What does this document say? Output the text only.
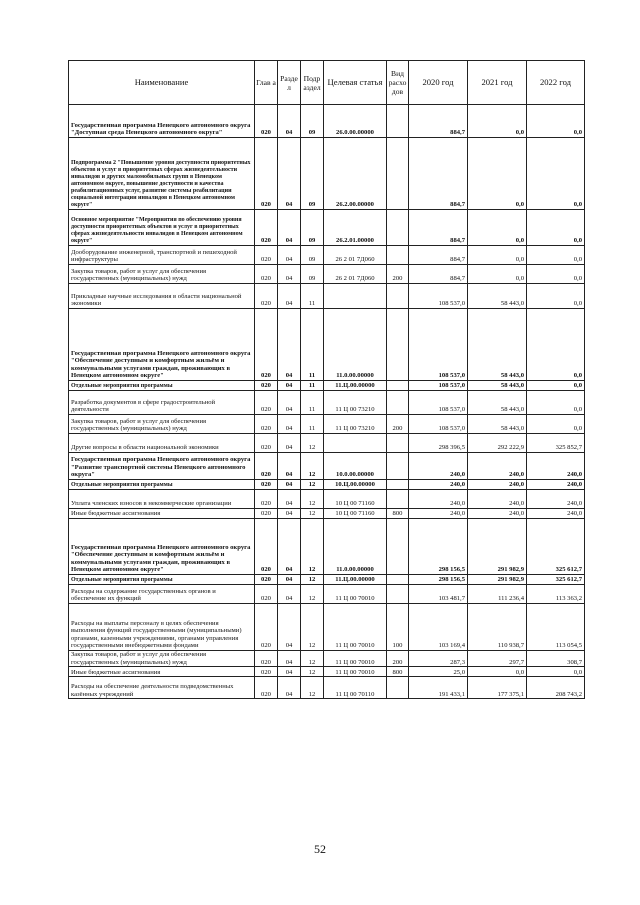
Наименование	Глав а	Разде л	Подр аздел	Целевая статья	Вид расхо дов	2020 год	2021 год	2022 год
Государственная программа Ненецкого автономного округа "Доступная среда Ненецкого автономного округа"	020	04	09	26.0.00.00000		884,7	0,0	0,0
Подпрограмма 2 "Повышение уровня доступности приоритетных объектов и услуг в приоритетных сферах жизнедеятельности инвалидов и других маломобильных групп в Ненецком автономном округе, повышение доступности и качества реабилитационных услуг, развитие системы реабилитации социальной интеграции инвалидов в Ненецком автономном округе"	020	04	09	26.2.00.00000		884,7	0,0	0,0
Основное мероприятие "Мероприятия по обеспечению уровня доступности приоритетных объектов и услуг в приоритетных сферах жизнедеятельности инвалидов в Ненецком автономном округе"	020	04	09	26.2.01.00000		884,7	0,0	0,0
Дооборудование инженерной, транспортной и пешеходной инфраструктуры	020	04	09	26 2 01 7Д060		884,7	0,0	0,0
Закупка товаров, работ и услуг для обеспечения государственных (муниципальных) нужд	020	04	09	26 2 01 7Д060	200	884,7	0,0	0,0
Прикладные научные исследования в области национальной экономики	020	04	11			108 537,0	58 443,0	0,0
Государственная программа Ненецкого автономного округа "Обеспечение доступным и комфортным жильём и коммунальными услугами граждан, проживающих в Ненецком автономном округе"	020	04	11	11.0.00.00000		108 537,0	58 443,0	0,0
Отдельные мероприятия программы	020	04	11	11.Ц.00.00000		108 537,0	58 443,0	0,0
Разработка документов в сфере градостроительной деятельности	020	04	11	11 Ц 00 73210		108 537,0	58 443,0	0,0
Закупка товаров, работ и услуг для обеспечения государственных (муниципальных) нужд	020	04	11	11 Ц 00 73210	200	108 537,0	58 443,0	0,0
Другие вопросы в области национальной экономики	020	04	12			298 396,5	292 222,9	325 852,7
Государственная программа Ненецкого автономного округа "Развитие транспортной системы Ненецкого автономного округа"	020	04	12	10.0.00.00000		240,0	240,0	240,0
Отдельные мероприятия программы	020	04	12	10.Ц.00.00000		240,0	240,0	240,0
Уплата членских взносов в некоммерческие организации	020	04	12	10 Ц 00 71160		240,0	240,0	240,0
Иные бюджетные ассигнования	020	04	12	10 Ц 00 71160	800	240,0	240,0	240,0
Государственная программа Ненецкого автономного округа "Обеспечение доступным и комфортным жильём и коммунальными услугами граждан, проживающих в Ненецком автономном округе"	020	04	12	11.0.00.00000		298 156,5	291 982,9	325 612,7
Отдельные мероприятия программы	020	04	12	11.Ц.00.00000		298 156,5	291 982,9	325 612,7
Расходы на содержание государственных органов и обеспечение их функций	020	04	12	11 Ц 00 70010		103 481,7	111 236,4	113 363,2
Расходы на выплаты персоналу в целях обеспечения выполнения функций государственными (муниципальными) органами, казенными учреждениями, органами управления государственными внебюджетными фондами	020	04	12	11 Ц 00 70010	100	103 169,4	110 938,7	113 054,5
Закупка товаров, работ и услуг для обеспечения государственных (муниципальных) нужд	020	04	12	11 Ц 00 70010	200	287,3	297,7	308,7
Иные бюджетные ассигнования	020	04	12	11 Ц 00 70010	800	25,0	0,0	0,0
Расходы на обеспечение деятельности подведомственных казённых учреждений	020	04	12	11 Ц 00 70110		191 433,1	177 375,1	208 743,2
52
